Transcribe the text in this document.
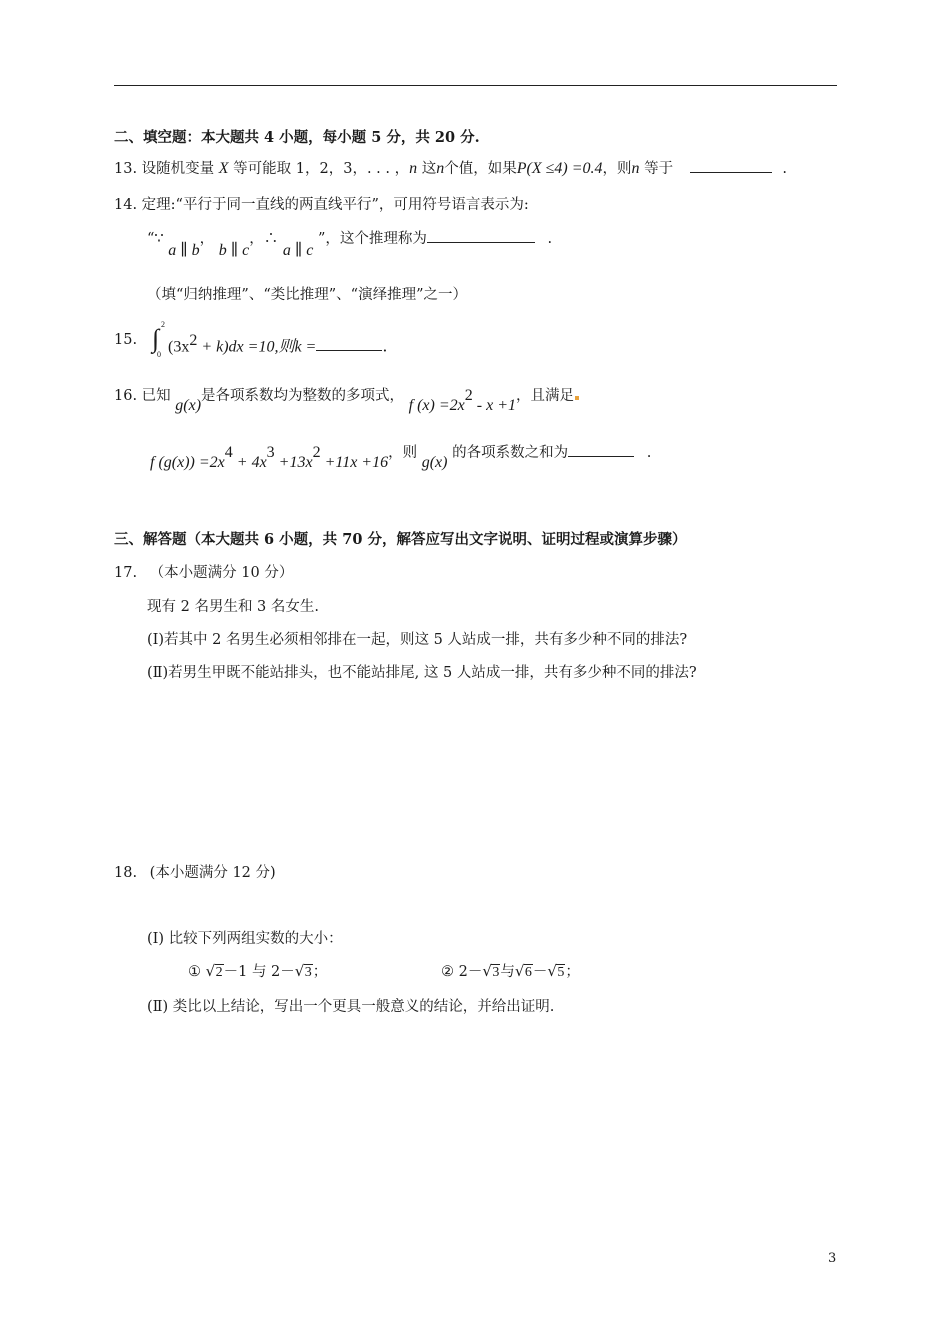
二、填空题：本大题共 4 小题，每小题 5 分，共 20 分.
13. 设随机变量 X 等可能取 1，2，3，. . . ，n 这n个值，如果P(X ≤4) =0.4，则n 等于	.
14. 定理:“平行于同一直线的两直线平行”，可用符号语言表示为:
“∵ a ∥ b， b ∥ c，∴ a ∥ c ”，这个推理称为	.
（填“归纳推理”、“类比推理”、“演绎推理”之一）
15. ∫ 2
0 $(3x^2 + k)dx =10$,则k =	.
16. 已知 g(x)是各项系数均为整数的多项式， f $(x) =2x^2 - x +1$，且满足
f $(g(x)) =2x^4 + 4x^3 +13x^2 +11x +16$，则 g(x) 的各项系数之和为	.
三、解答题（本大题共 6 小题，共 70 分，解答应写出文字说明、证明过程或演算步骤）
17. （本小题满分 10 分）
现有 2 名男生和 3 名女生.
(Ⅰ)若其中 2 名男生必须相邻排在一起，则这 5 人站成一排，共有多少种不同的排法?
(Ⅱ)若男生甲既不能站排头，也不能站排尾, 这 5 人站成一排，共有多少种不同的排法?
18. (本小题满分 12 分)
(Ⅰ) 比较下列两组实数的大小：
① √ 2－1 与 2－ √ 3；	② 2－ √ 3与 √ 6－ √ 5；
(Ⅱ) 类比以上结论，写出一个更具一般意义的结论，并给出证明.
3
